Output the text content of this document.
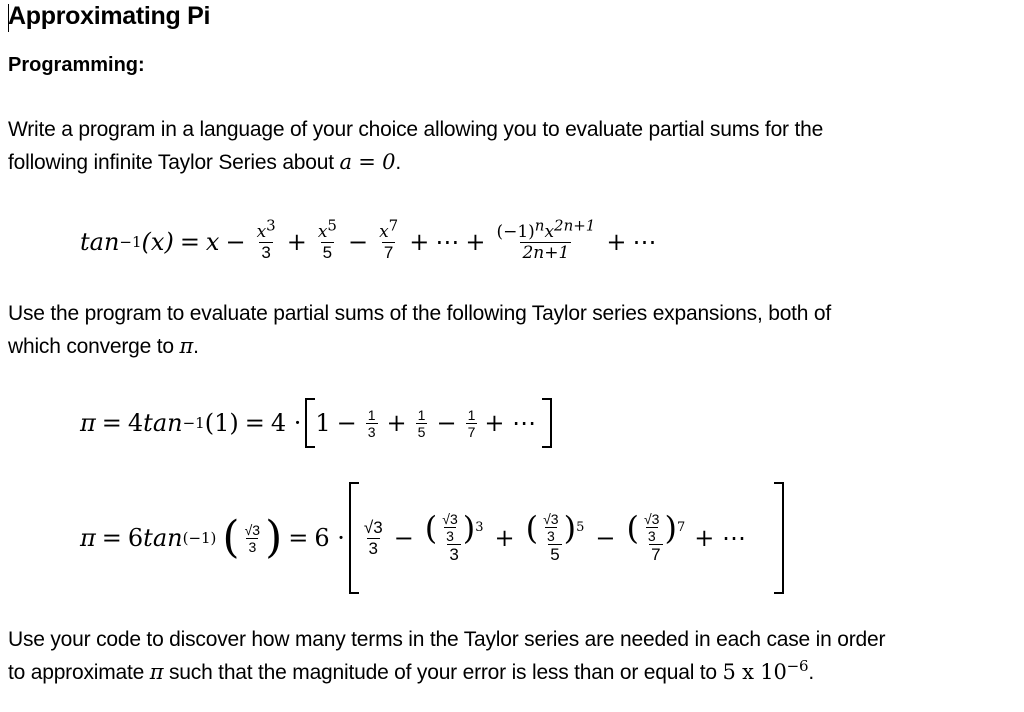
Approximating Pi
Programming:
Write a program in a language of your choice allowing you to evaluate partial sums for the
following infinite Taylor Series about a = 0.
tan −1 $(x) = x - \frac{x^3}{3} + \frac{x^5}{5} - \frac{x^7}{7}$ + ⋯ + $\frac{(-1)^nx^{2n+1}}{2n+1}$ + ⋯
Use the program to evaluate partial sums of the following Taylor series expansions, both of
which converge to π.
π = 4 tan −1 $(1) = 4 \cdot 1 - \frac{1}{3} + \frac{1}{5} - \frac{1}{7}$ + ⋯
π = 6 tan (−1) ( $\frac{√3}{3}$ ) = $6 \cdot \frac{√3}{3} - \frac{( \frac{√3}{3} ) 3}{3} + \frac{( \frac{√3}{3} ) 5}{5} - \frac{( \frac{√3}{3} ) 7}{7}$ + ⋯
Use your code to discover how many terms in the Taylor series are needed in each case in order
to approximate π such that the magnitude of your error is less than or equal to 5 x $10^{-6}$.
